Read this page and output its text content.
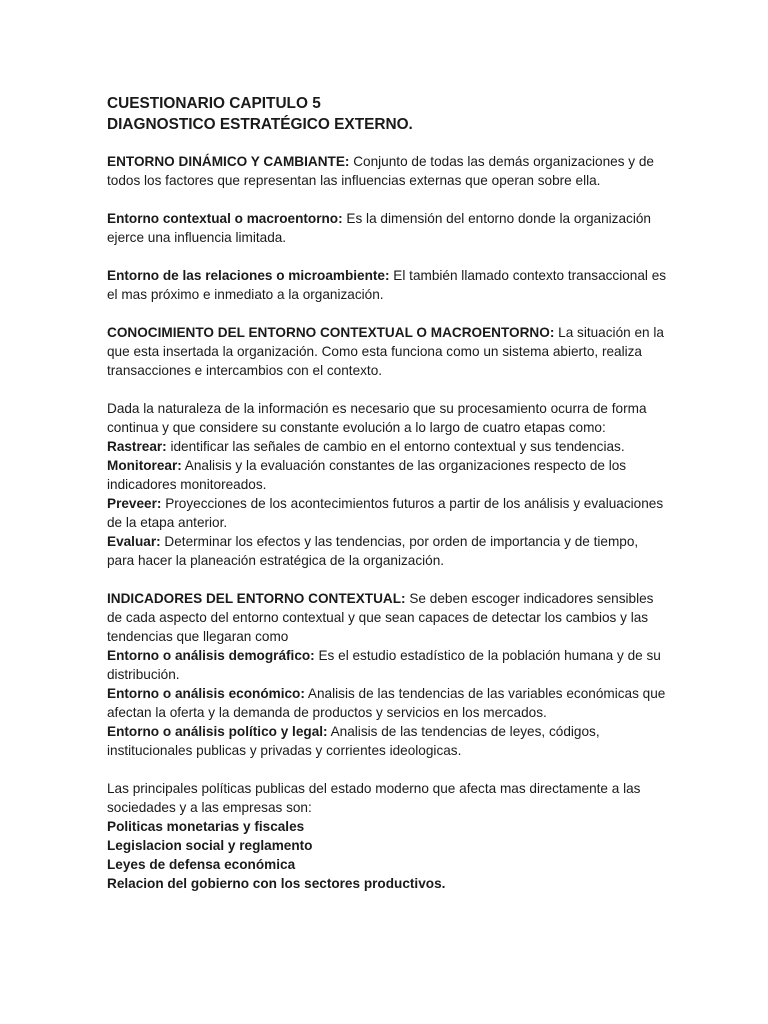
CUESTIONARIO CAPITULO 5
DIAGNOSTICO ESTRATÉGICO EXTERNO.

ENTORNO DINÁMICO Y CAMBIANTE: Conjunto de todas las demás organizaciones y de todos los factores que representan las influencias externas que operan sobre ella.

Entorno contextual o macroentorno: Es la dimensión del entorno donde la organización ejerce una influencia limitada.

Entorno de las relaciones o microambiente: El también llamado contexto transaccional es el mas próximo e inmediato a la organización.

CONOCIMIENTO DEL ENTORNO CONTEXTUAL O MACROENTORNO: La situación en la que esta insertada la organización. Como esta funciona como un sistema abierto, realiza transacciones e intercambios con el contexto.

Dada la naturaleza de la información es necesario que su procesamiento ocurra de forma continua y que considere su constante evolución a lo largo de cuatro etapas como:

Rastrear: identificar las señales de cambio en el entorno contextual y sus tendencias.

Monitorear: Analisis y la evaluación constantes de las organizaciones respecto de los indicadores monitoreados.

Preveer: Proyecciones de los acontecimientos futuros a partir de los análisis y evaluaciones de la etapa anterior.

Evaluar: Determinar los efectos y las tendencias, por orden de importancia y de tiempo, para hacer la planeación estratégica de la organización.

INDICADORES DEL ENTORNO CONTEXTUAL: Se deben escoger indicadores sensibles de cada aspecto del entorno contextual y que sean capaces de detectar los cambios y las tendencias que llegaran como

Entorno o análisis demográfico: Es el estudio estadístico de la población humana y de su distribución.

Entorno o análisis económico: Analisis de las tendencias de las variables económicas que afectan la oferta y la demanda de productos y servicios en los mercados.

Entorno o análisis político y legal: Analisis de las tendencias de leyes, códigos, institucionales publicas y privadas y corrientes ideologicas.

Las principales políticas publicas del estado moderno que afecta mas directamente a las sociedades y a las empresas son:

Politicas monetarias y fiscales
Legislacion social y reglamento
Leyes de defensa económica
Relacion del gobierno con los sectores productivos.
